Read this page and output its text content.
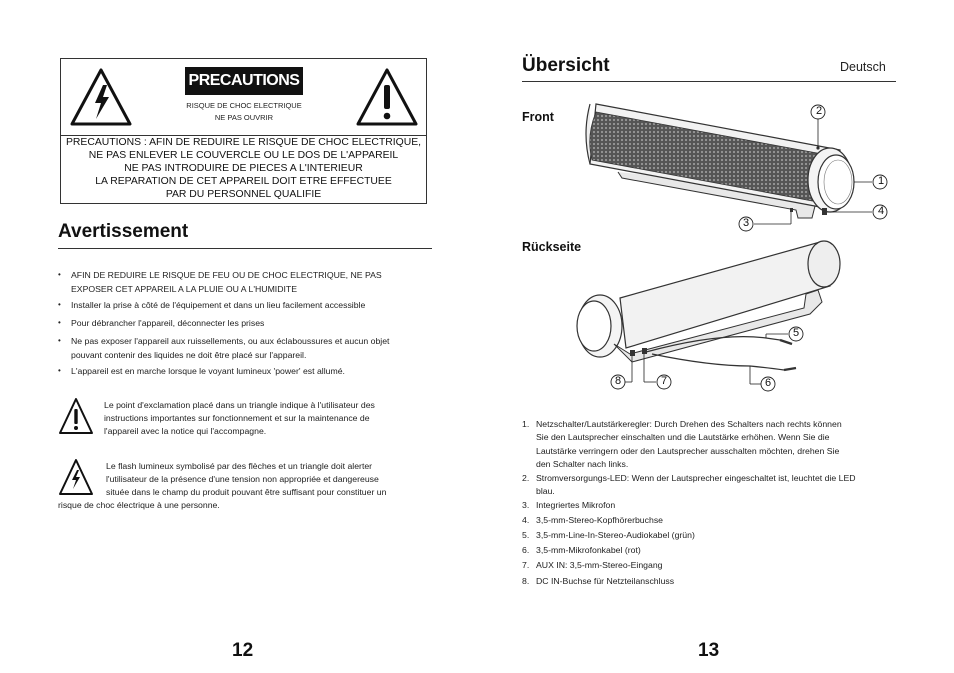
PRECAUTIONS
RISQUE DE CHOC ELECTRIQUE
NE PAS OUVRIR
PRECAUTIONS : AFIN DE REDUIRE LE RISQUE DE CHOC ELECTRIQUE,
NE PAS ENLEVER LE COUVERCLE OU LE DOS DE L'APPAREIL
NE PAS INTRODUIRE DE PIECES A L'INTERIEUR
LA REPARATION DE CET APPAREIL DOIT ETRE EFFECTUEE
PAR DU PERSONNEL QUALIFIE
Avertissement
•	AFIN DE REDUIRE LE RISQUE DE FEU OU DE CHOC ELECTRIQUE, NE PAS
EXPOSER CET APPAREIL A LA PLUIE OU A L'HUMIDITE
•	Installer la prise à côté de l'équipement et dans un lieu facilement accessible
•	Pour débrancher l'appareil, déconnecter les prises
•	Ne pas exposer l'appareil aux ruissellements, ou aux éclaboussures et aucun objet
pouvant contenir des liquides ne doit être placé sur l'appareil.
•	L'appareil est en marche lorsque le voyant lumineux 'power' est allumé.
Le point d'exclamation placé dans un triangle indique à l'utilisateur des
instructions importantes sur fonctionnement et sur la maintenance de
l'appareil avec la notice qui l'accompagne.
Le flash lumineux symbolisé par des flèches et un triangle doit alerter
l'utilisateur de la présence d'une tension non appropriée et dangereuse
située dans le champ du produit pouvant être suffisant pour constituer un
risque de choc électrique à une personne.
12
Übersicht	Deutsch
Front
Rückseite
2
1
4
3
5
6
7
8
1. Netzschalter/Lautstärkeregler: Durch Drehen des Schalters nach rechts können
Sie den Lautsprecher einschalten und die Lautstärke erhöhen. Wenn Sie die
Lautstärke verringern oder den Lautsprecher ausschalten möchten, drehen Sie
den Schalter nach links.
2. Stromversorgungs-LED: Wenn der Lautsprecher eingeschaltet ist, leuchtet die LED
blau.
3. Integriertes Mikrofon
4. 3,5-mm-Stereo-Kopfhörerbuchse
5. 3,5-mm-Line-In-Stereo-Audiokabel (grün)
6. 3,5-mm-Mikrofonkabel (rot)
7. AUX IN: 3,5-mm-Stereo-Eingang
8. DC IN-Buchse für Netzteilanschluss
13
